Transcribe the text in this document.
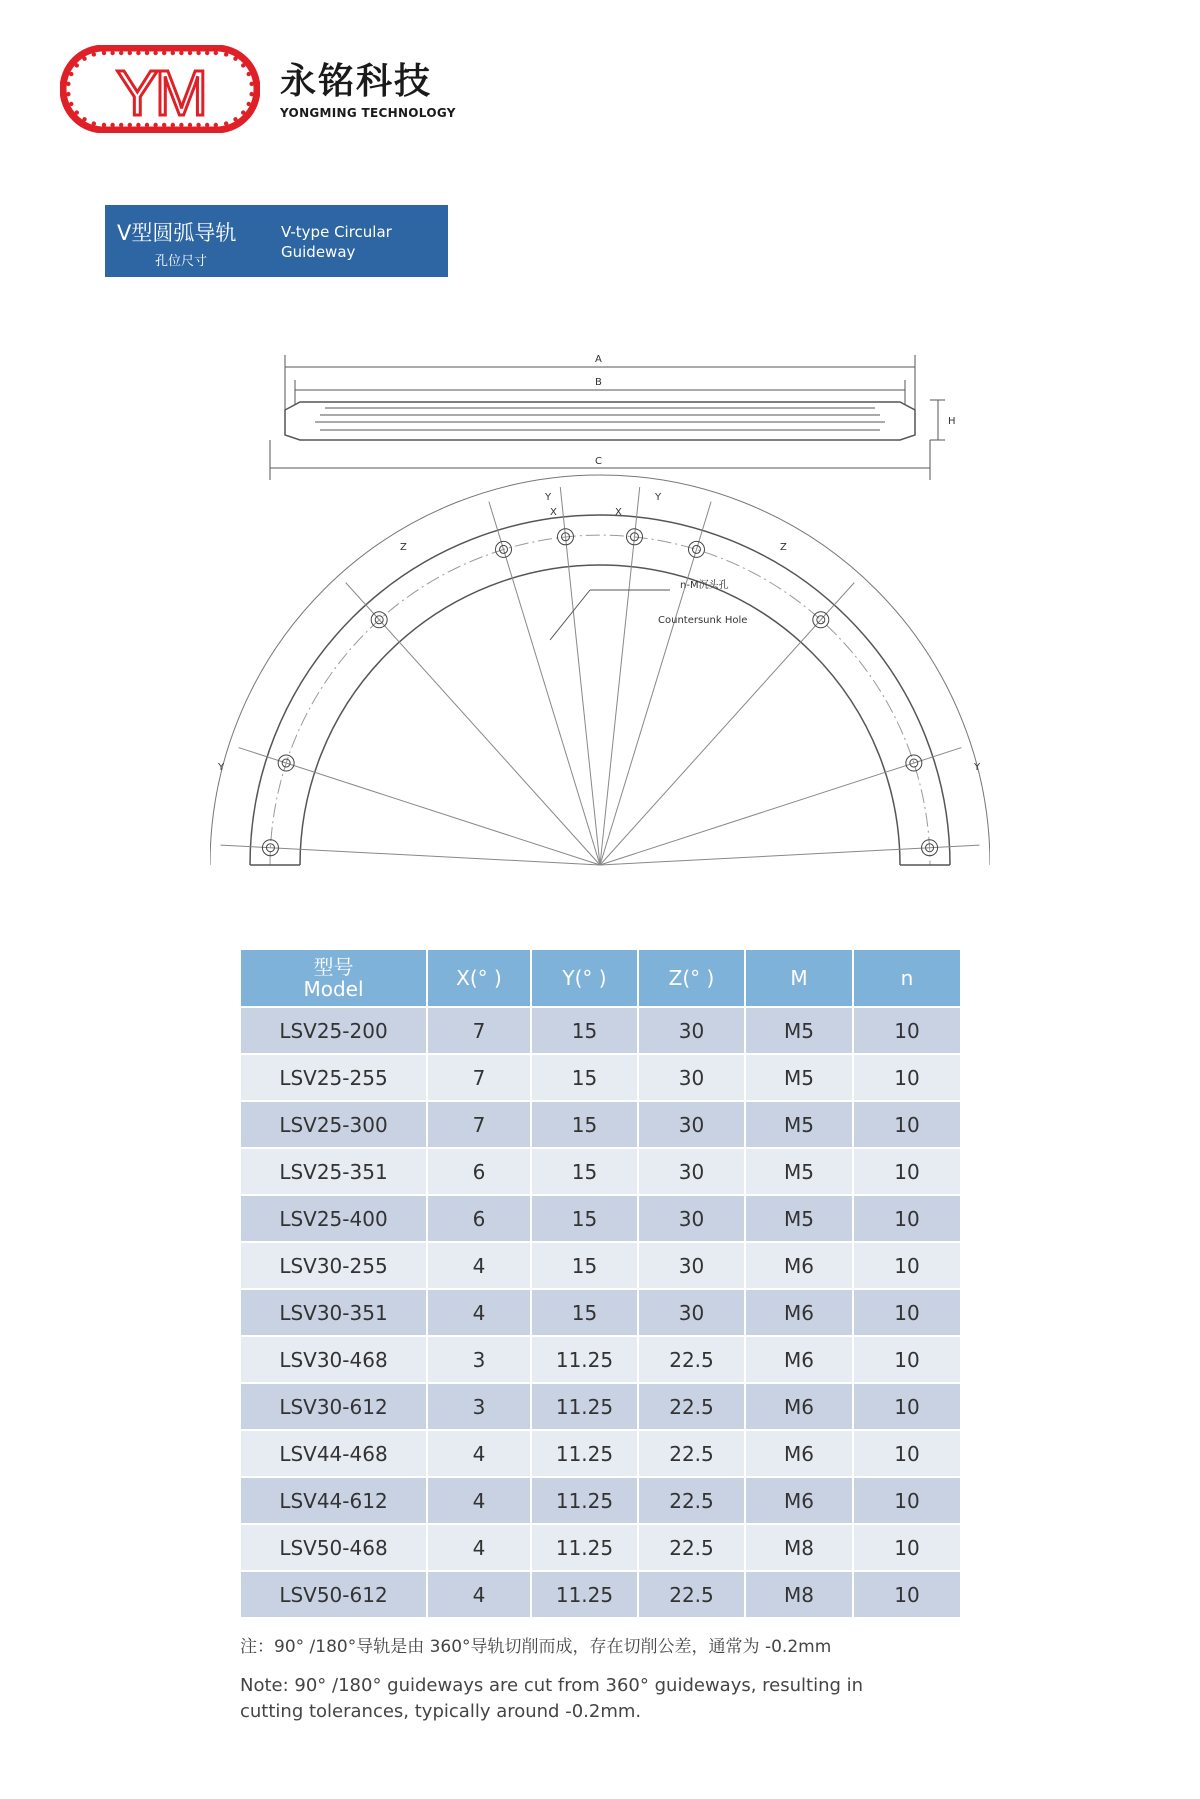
YM 永铭科技
YONGMING TECHNOLOGY
V型圆弧导轨
孔位尺寸
V-type Circular
Guideway
A
B
C
H
X	X
Y	Y
Z	Z
Y	Y
n-M沉头孔
Countersunk Hole
型号
Model	X(° )	Y(° )	Z(° )	M	n
LSV25-200	7	15	30	M5	10
LSV25-255	7	15	30	M5	10
LSV25-300	7	15	30	M5	10
LSV25-351	6	15	30	M5	10
LSV25-400	6	15	30	M5	10
LSV30-255	4	15	30	M6	10
LSV30-351	4	15	30	M6	10
LSV30-468	3	11.25	22.5	M6	10
LSV30-612	3	11.25	22.5	M6	10
LSV44-468	4	11.25	22.5	M6	10
LSV44-612	4	11.25	22.5	M6	10
LSV50-468	4	11.25	22.5	M8	10
LSV50-612	4	11.25	22.5	M8	10
注：90° /180°导轨是由 360°导轨切削而成，存在切削公差，通常为 -0.2mm
Note: 90° /180° guideways are cut from 360° guideways, resulting in
cutting tolerances, typically around -0.2mm.
